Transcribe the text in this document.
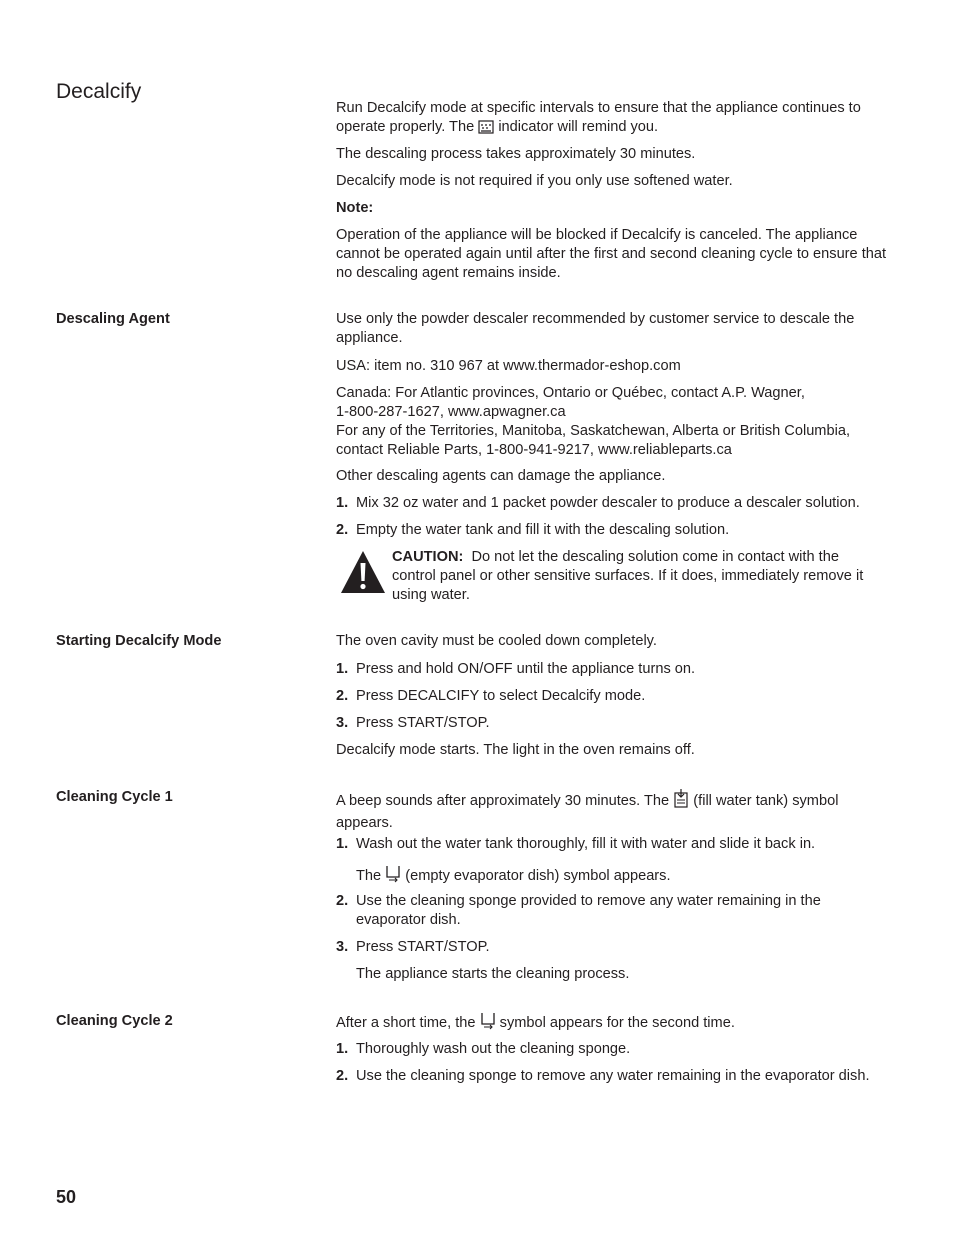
Decalcify
Run Decalcify mode at specific intervals to ensure that the appliance continues to operate properly. The indicator will remind you.
The descaling process takes approximately 30 minutes.
Decalcify mode is not required if you only use softened water.
Note:
Operation of the appliance will be blocked if Decalcify is canceled. The appliance cannot be operated again until after the first and second cleaning cycle to ensure that no descaling agent remains inside.
Descaling Agent	Use only the powder descaler recommended by customer service to descale the appliance.
USA: item no. 310 967 at www.thermador-eshop.com
Canada: For Atlantic provinces, Ontario or Québec, contact A.P. Wagner,
1-800-287-1627, www.apwagner.ca
For any of the Territories, Manitoba, Saskatchewan, Alberta or British Columbia, contact Reliable Parts, 1-800-941-9217, www.reliableparts.ca
Other descaling agents can damage the appliance.
1. Mix 32 oz water and 1 packet powder descaler to produce a descaler solution.
2. Empty the water tank and fill it with the descaling solution.
CAUTION: Do not let the descaling solution come in contact with the control panel or other sensitive surfaces. If it does, immediately remove it using water.
Starting Decalcify Mode	The oven cavity must be cooled down completely.
1. Press and hold ON/OFF until the appliance turns on.
2. Press DECALCIFY to select Decalcify mode.
3. Press START/STOP.
Decalcify mode starts. The light in the oven remains off.
Cleaning Cycle 1	A beep sounds after approximately 30 minutes. The (fill water tank) symbol appears.
1. Wash out the water tank thoroughly, fill it with water and slide it back in.
The (empty evaporator dish) symbol appears.
2. Use the cleaning sponge provided to remove any water remaining in the evaporator dish.
3. Press START/STOP.
The appliance starts the cleaning process.
Cleaning Cycle 2	After a short time, the symbol appears for the second time.
1. Thoroughly wash out the cleaning sponge.
2. Use the cleaning sponge to remove any water remaining in the evaporator dish.
50
